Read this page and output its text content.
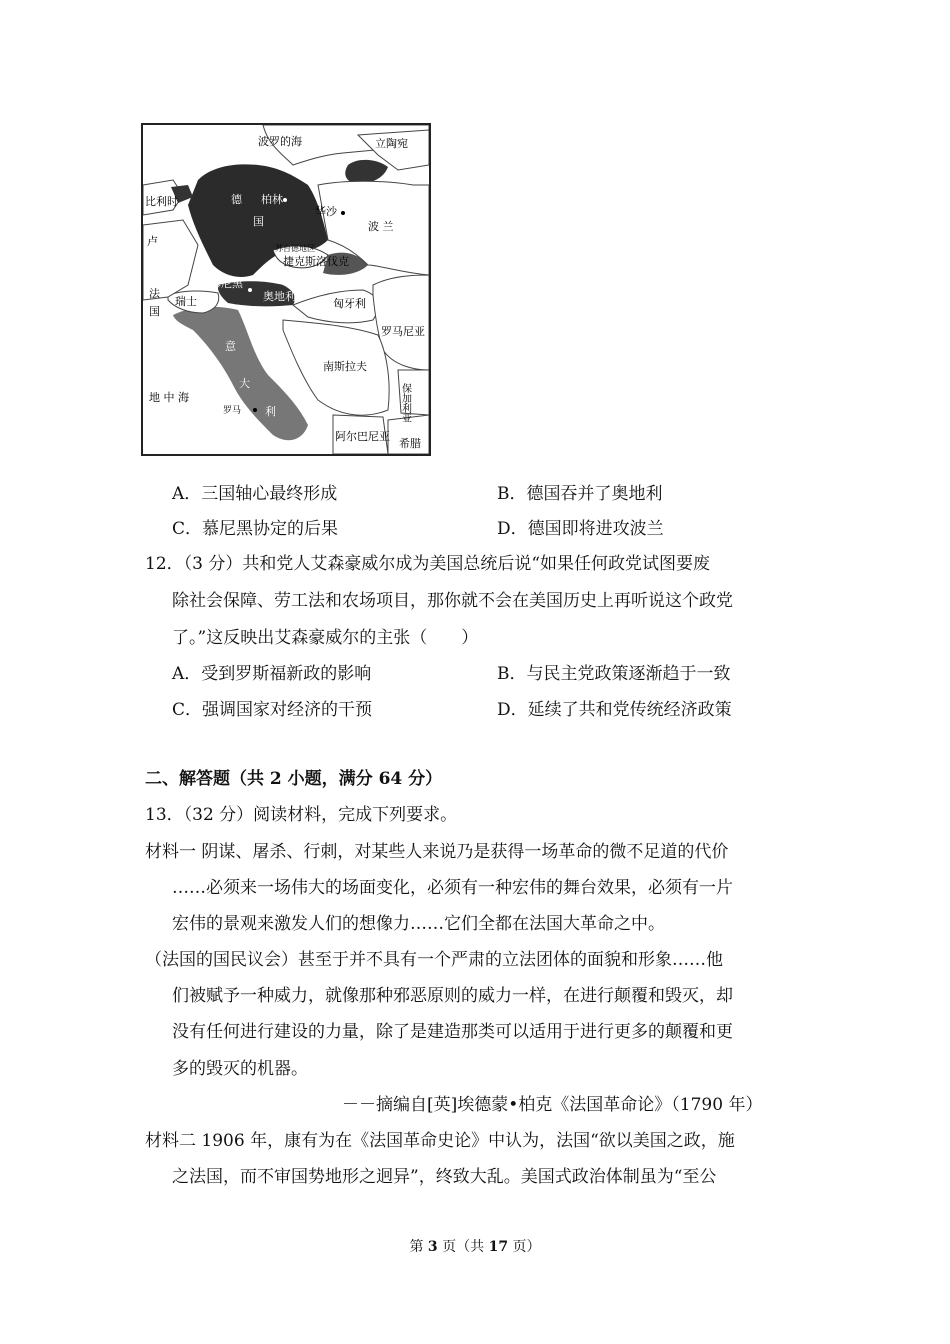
波罗的海	立陶宛
柏林
德
国
华沙
波 兰
苏台德地区
捷克斯洛伐克
慕尼黑
奥地利
比利时
卢
法
国
瑞士	匈牙利
罗马尼亚
南斯拉夫
意
大
利
罗马
地 中 海	保加利亚
阿尔巴尼亚
希腊
A．三国轴心最终形成	B．德国吞并了奥地利
C．慕尼黑协定的后果	D．德国即将进攻波兰
12．（3 分）共和党人艾森豪威尔成为美国总统后说“如果任何政党试图要废
除社会保障、劳工法和农场项目，那你就不会在美国历史上再听说这个政党
了。”这反映出艾森豪威尔的主张（　　）
A．受到罗斯福新政的影响	B．与民主党政策逐渐趋于一致
C．强调国家对经济的干预	D．延续了共和党传统经济政策
二、解答题（共 2 小题，满分 64 分）
13．（32 分）阅读材料，完成下列要求。
材料一 阴谋、屠杀、行刺，对某些人来说乃是获得一场革命的微不足道的代价
……必须来一场伟大的场面变化，必须有一种宏伟的舞台效果，必须有一片
宏伟的景观来激发人们的想像力……它们全都在法国大革命之中。
（法国的国民议会）甚至于并不具有一个严肃的立法团体的面貌和形象……他
们被赋予一种威力，就像那种邪恶原则的威力一样，在进行颠覆和毁灭，却
没有任何进行建设的力量，除了是建造那类可以适用于进行更多的颠覆和更
多的毁灭的机器。
－－摘编自[英]埃德蒙•柏克《法国革命论》（1790 年）
材料二 1906 年，康有为在《法国革命史论》中认为，法国“欲以美国之政，施
之法国，而不审国势地形之迥异”，终致大乱。美国式政治体制虽为“至公
第 3 页（共 17 页）
